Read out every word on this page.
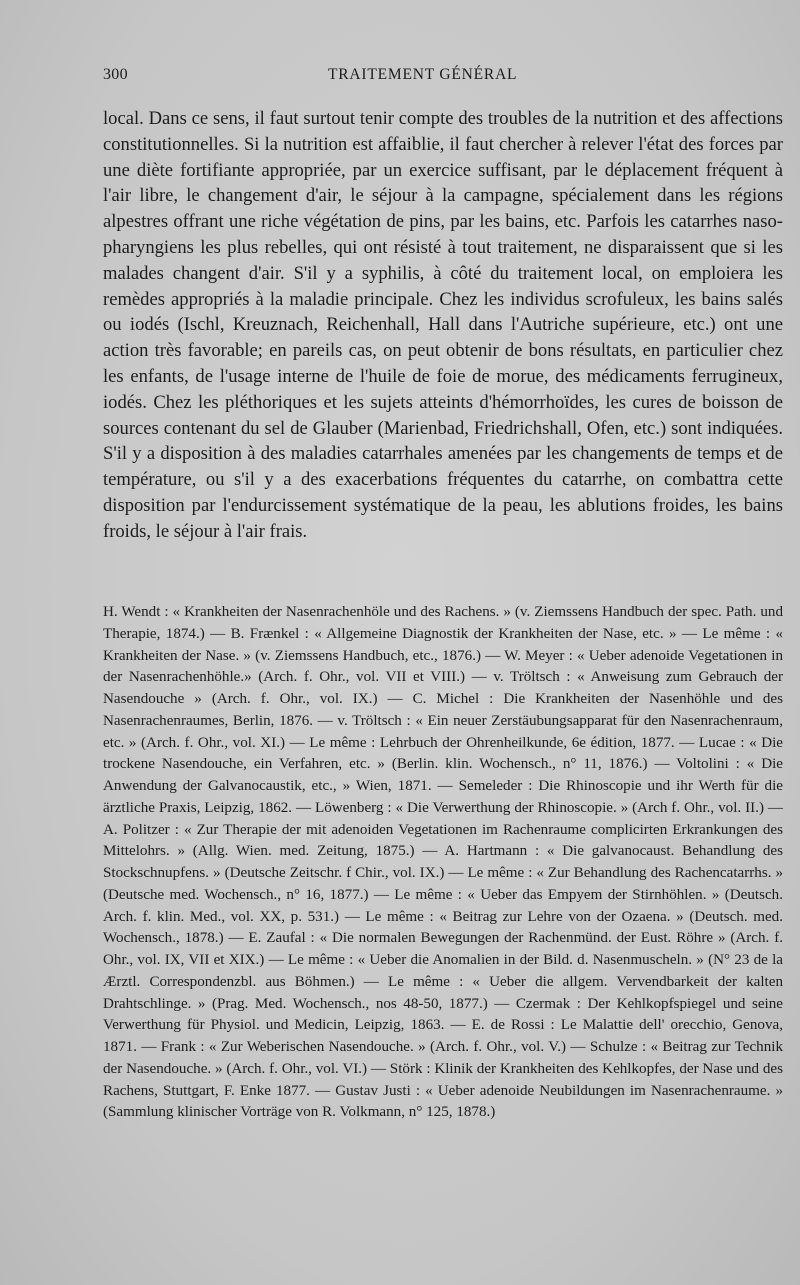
300	TRAITEMENT GÉNÉRAL

local. Dans ce sens, il faut surtout tenir compte des troubles de la nutrition et des affections constitutionnelles. Si la nutrition est affaiblie, il faut chercher à relever l'état des forces par une diète fortifiante appropriée, par un exercice suffisant, par le déplacement fréquent à l'air libre, le changement d'air, le séjour à la campagne, spécialement dans les régions alpestres offrant une riche végétation de pins, par les bains, etc. Parfois les catarrhes naso-pharyngiens les plus rebelles, qui ont résisté à tout traitement, ne disparaissent que si les malades changent d'air. S'il y a syphilis, à côté du traitement local, on emploiera les remèdes appropriés à la maladie principale. Chez les individus scrofuleux, les bains salés ou iodés (Ischl, Kreuznach, Reichenhall, Hall dans l'Autriche supérieure, etc.) ont une action très favorable; en pareils cas, on peut obtenir de bons résultats, en particulier chez les enfants, de l'usage interne de l'huile de foie de morue, des médicaments ferrugineux, iodés. Chez les pléthoriques et les sujets atteints d'hémorrhoïdes, les cures de boisson de sources contenant du sel de Glauber (Marienbad, Friedrichshall, Ofen, etc.) sont indiquées. S'il y a disposition à des maladies catarrhales amenées par les changements de temps et de température, ou s'il y a des exacerbations fréquentes du catarrhe, on combattra cette disposition par l'endurcissement systématique de la peau, les ablutions froides, les bains froids, le séjour à l'air frais.

H. Wendt : « Krankheiten der Nasenrachenhöle und des Rachens. » (v. Ziemssens Handbuch der spec. Path. und Therapie, 1874.) — B. Frænkel : « Allgemeine Diagnostik der Krankheiten der Nase, etc. » — Le même : « Krankheiten der Nase. » (v. Ziemssens Handbuch, etc., 1876.) — W. Meyer : « Ueber adenoide Vegetationen in der Nasenrachenhöhle.» (Arch. f. Ohr., vol. VII et VIII.) — v. Tröltsch : « Anweisung zum Gebrauch der Nasendouche » (Arch. f. Ohr., vol. IX.) — C. Michel : Die Krankheiten der Nasenhöhle und des Nasenrachenraumes, Berlin, 1876. — v. Tröltsch : « Ein neuer Zerstäubungsapparat für den Nasenrachenraum, etc. » (Arch. f. Ohr., vol. XI.) — Le même : Lehrbuch der Ohrenheilkunde, 6e édition, 1877. — Lucae : « Die trockene Nasendouche, ein Verfahren, etc. » (Berlin. klin. Wochensch., n° 11, 1876.) — Voltolini : « Die Anwendung der Galvanocaustik, etc., » Wien, 1871. — Semeleder : Die Rhinoscopie und ihr Werth für die ärztliche Praxis, Leipzig, 1862. — Löwenberg : « Die Verwerthung der Rhinoscopie. » (Arch f. Ohr., vol. II.) — A. Politzer : « Zur Therapie der mit adenoiden Vegetationen im Rachenraume complicirten Erkrankungen des Mittelohrs. » (Allg. Wien. med. Zeitung, 1875.) — A. Hartmann : « Die galvanocaust. Behandlung des Stockschnupfens. » (Deutsche Zeitschr. f Chir., vol. IX.) — Le même : « Zur Behandlung des Rachencatarrhs. » (Deutsche med. Wochensch., n° 16, 1877.) — Le même : « Ueber das Empyem der Stirnhöhlen. » (Deutsch. Arch. f. klin. Med., vol. XX, p. 531.) — Le même : « Beitrag zur Lehre von der Ozaena. » (Deutsch. med. Wochensch., 1878.) — E. Zaufal : « Die normalen Bewegungen der Rachenmünd. der Eust. Röhre » (Arch. f. Ohr., vol. IX, VII et XIX.) — Le même : « Ueber die Anomalien in der Bild. d. Nasenmuscheln. » (N° 23 de la Ærztl. Correspondenzbl. aus Böhmen.) — Le même : « Ueber die allgem. Vervendbarkeit der kalten Drahtschlinge. » (Prag. Med. Wochensch., nos 48-50, 1877.) — Czermak : Der Kehlkopfspiegel und seine Verwerthung für Physiol. und Medicin, Leipzig, 1863. — E. de Rossi : Le Malattie dell' orecchio, Genova, 1871. — Frank : « Zur Weberischen Nasendouche. » (Arch. f. Ohr., vol. V.) — Schulze : « Beitrag zur Technik der Nasendouche. » (Arch. f. Ohr., vol. VI.) — Störk : Klinik der Krankheiten des Kehlkopfes, der Nase und des Rachens, Stuttgart, F. Enke 1877. — Gustav Justi : « Ueber adenoide Neubildungen im Nasenrachenraume. » (Sammlung klinischer Vorträge von R. Volkmann, n° 125, 1878.)
